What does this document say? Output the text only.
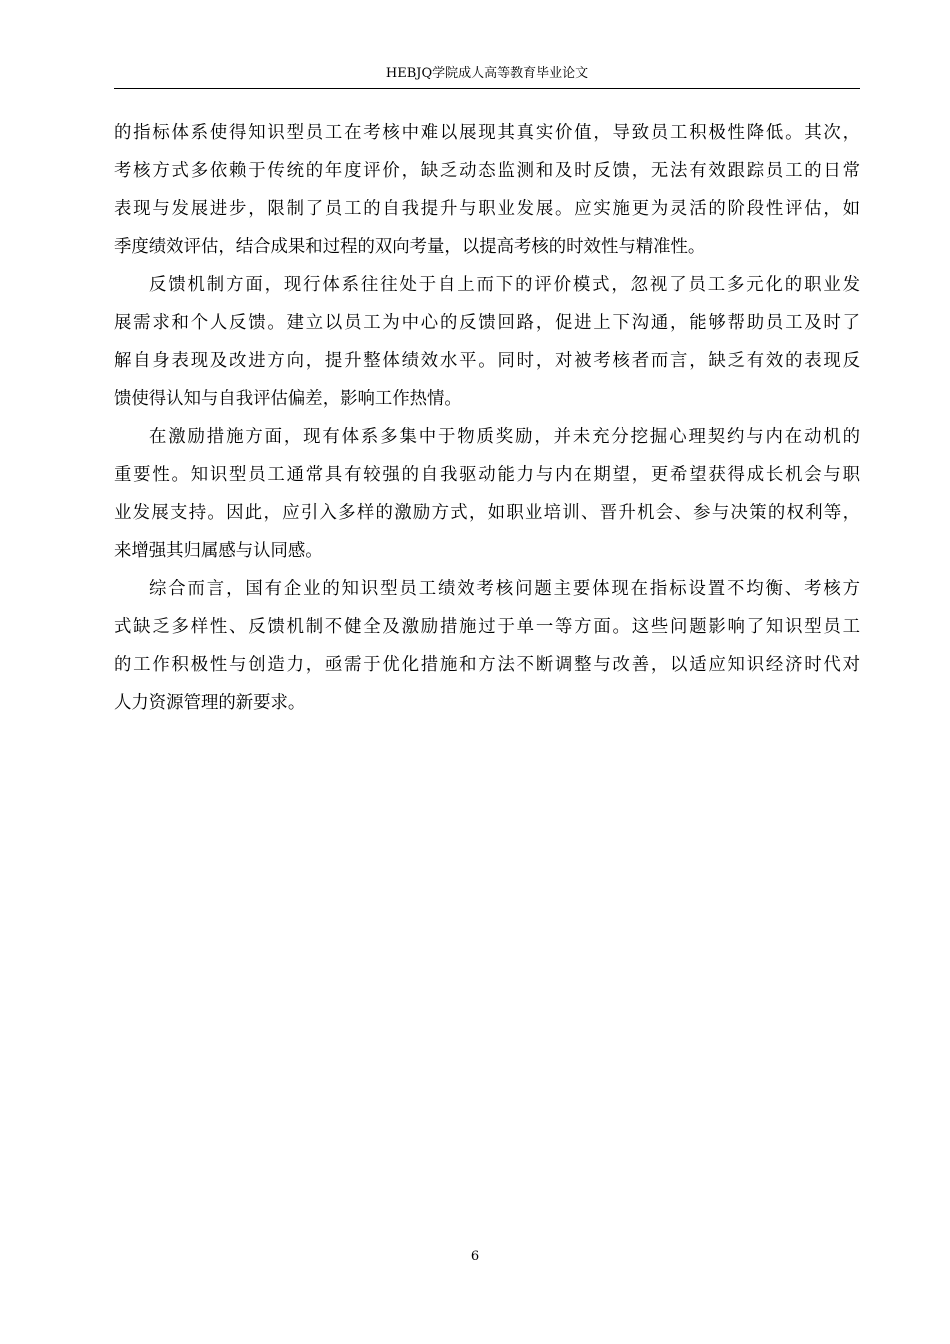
HEBJQ学院成人高等教育毕业论文
的指标体系使得知识型员工在考核中难以展现其真实价值，导致员工积极性降低。其次，
考核方式多依赖于传统的年度评价，缺乏动态监测和及时反馈，无法有效跟踪员工的日常
表现与发展进步，限制了员工的自我提升与职业发展。应实施更为灵活的阶段性评估，如
季度绩效评估，结合成果和过程的双向考量，以提高考核的时效性与精准性。
反馈机制方面，现行体系往往处于自上而下的评价模式，忽视了员工多元化的职业发
展需求和个人反馈。建立以员工为中心的反馈回路，促进上下沟通，能够帮助员工及时了
解自身表现及改进方向，提升整体绩效水平。同时，对被考核者而言，缺乏有效的表现反
馈使得认知与自我评估偏差，影响工作热情。
在激励措施方面，现有体系多集中于物质奖励，并未充分挖掘心理契约与内在动机的
重要性。知识型员工通常具有较强的自我驱动能力与内在期望，更希望获得成长机会与职
业发展支持。因此，应引入多样的激励方式，如职业培训、晋升机会、参与决策的权利等，
来增强其归属感与认同感。
综合而言，国有企业的知识型员工绩效考核问题主要体现在指标设置不均衡、考核方
式缺乏多样性、反馈机制不健全及激励措施过于单一等方面。这些问题影响了知识型员工
的工作积极性与创造力，亟需于优化措施和方法不断调整与改善，以适应知识经济时代对
人力资源管理的新要求。
6
